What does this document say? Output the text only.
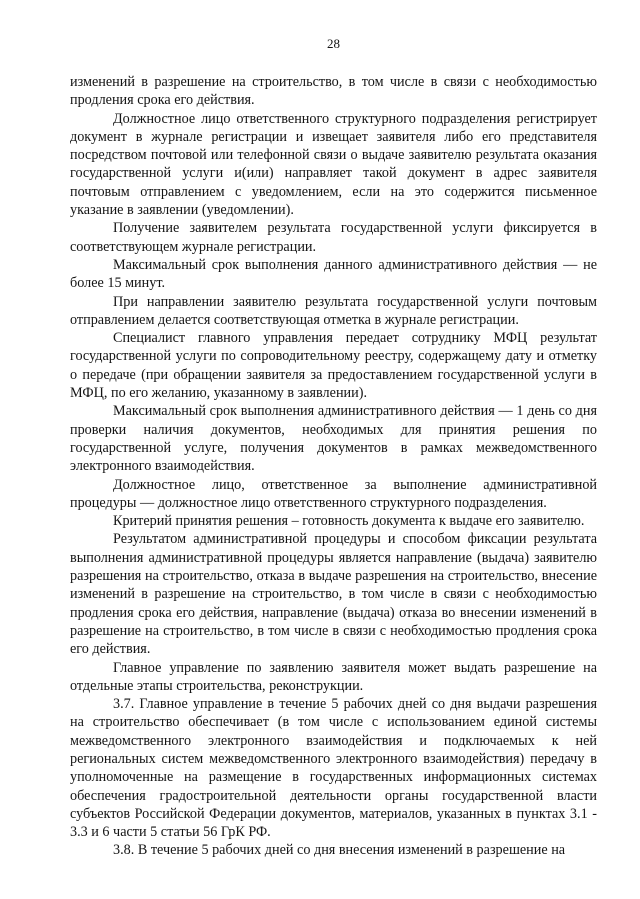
28

изменений в разрешение на строительство, в том числе в связи с необходимостью продления срока его действия.

Должностное лицо ответственного структурного подразделения регистрирует документ в журнале регистрации и извещает заявителя либо его представителя посредством почтовой или телефонной связи о выдаче заявителю результата оказания государственной услуги и(или) направляет такой документ в адрес заявителя почтовым отправлением с уведомлением, если на это содержится письменное указание в заявлении (уведомлении).

Получение заявителем результата государственной услуги фиксируется в соответствующем журнале регистрации.

Максимальный срок выполнения данного административного действия — не более 15 минут.

При направлении заявителю результата государственной услуги почтовым отправлением делается соответствующая отметка в журнале регистрации.

Специалист главного управления передает сотруднику МФЦ результат государственной услуги по сопроводительному реестру, содержащему дату и отметку о передаче (при обращении заявителя за предоставлением государственной услуги в МФЦ, по его желанию, указанному в заявлении).

Максимальный срок выполнения административного действия — 1 день со дня проверки наличия документов, необходимых для принятия решения по государственной услуге, получения документов в рамках межведомственного электронного взаимодействия.

Должностное лицо, ответственное за выполнение административной процедуры — должностное лицо ответственного структурного подразделения.

Критерий принятия решения – готовность документа к выдаче его заявителю.

Результатом административной процедуры и способом фиксации результата выполнения административной процедуры является направление (выдача) заявителю разрешения на строительство, отказа в выдаче разрешения на строительство, внесение изменений в разрешение на строительство, в том числе в связи с необходимостью продления срока его действия, направление (выдача) отказа во внесении изменений в разрешение на строительство, в том числе в связи с необходимостью продления срока его действия.

Главное управление по заявлению заявителя может выдать разрешение на отдельные этапы строительства, реконструкции.

3.7. Главное управление в течение 5 рабочих дней со дня выдачи разрешения на строительство обеспечивает (в том числе с использованием единой системы межведомственного электронного взаимодействия и подключаемых к ней региональных систем межведомственного электронного взаимодействия) передачу в уполномоченные на размещение в государственных информационных системах обеспечения градостроительной деятельности органы государственной власти субъектов Российской Федерации документов, материалов, указанных в пунктах 3.1 - 3.3 и 6 части 5 статьи 56 ГрК РФ.

3.8. В течение 5 рабочих дней со дня внесения изменений в разрешение на
